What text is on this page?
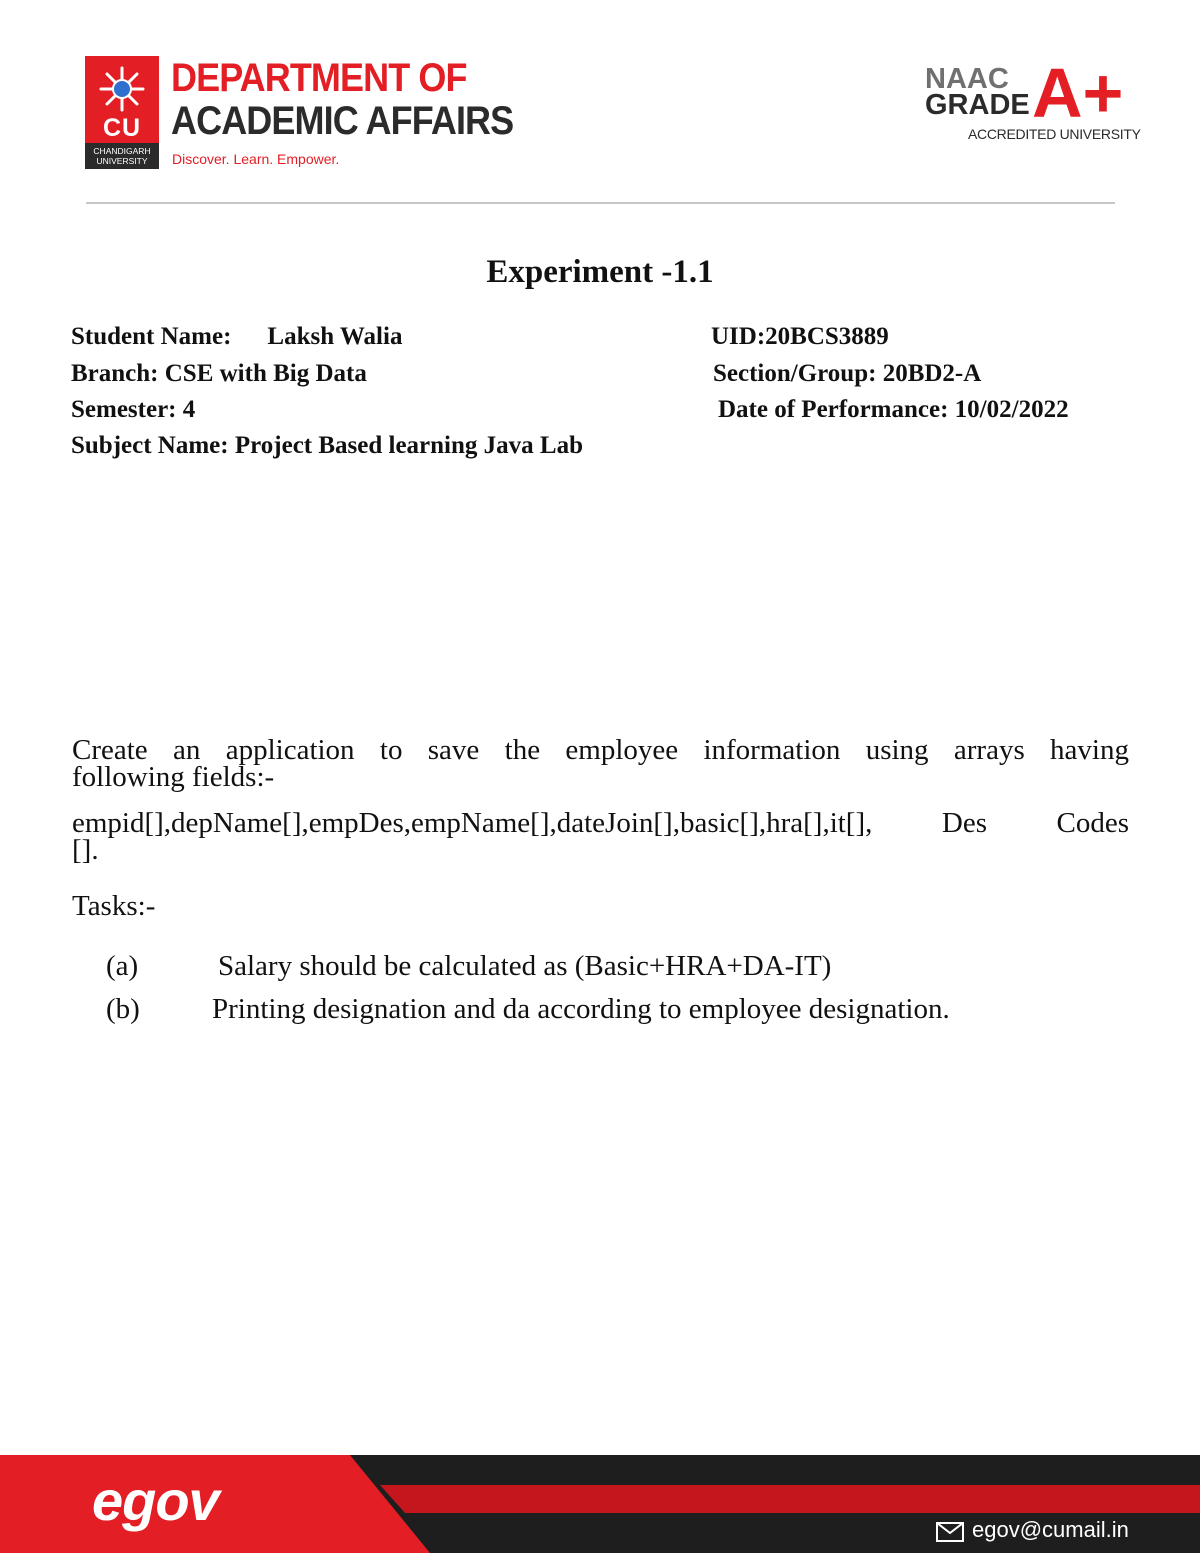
CU
CHANDIGARH UNIVERSITY
DEPARTMENT OF
ACADEMIC AFFAIRS
Discover. Learn. Empower.
NAAC
GRADE A+
ACCREDITED UNIVERSITY
Experiment -1.1
Student Name: Laksh Walia	UID:20BCS3889
Branch: CSE with Big Data	Section/Group: 20BD2-A
Semester: 4	Date of Performance: 10/02/2022
Subject Name: Project Based learning Java Lab
Create an application to save the employee information using arrays having
following fields:-
empid[],depName[],empDes,empName[],dateJoin[],basic[],hra[],it[], Des Codes
[].
Tasks:-
(a)	Salary should be calculated as (Basic+HRA+DA-IT)
(b) Printing designation and da according to employee designation.
egov	egov@cumail.in
